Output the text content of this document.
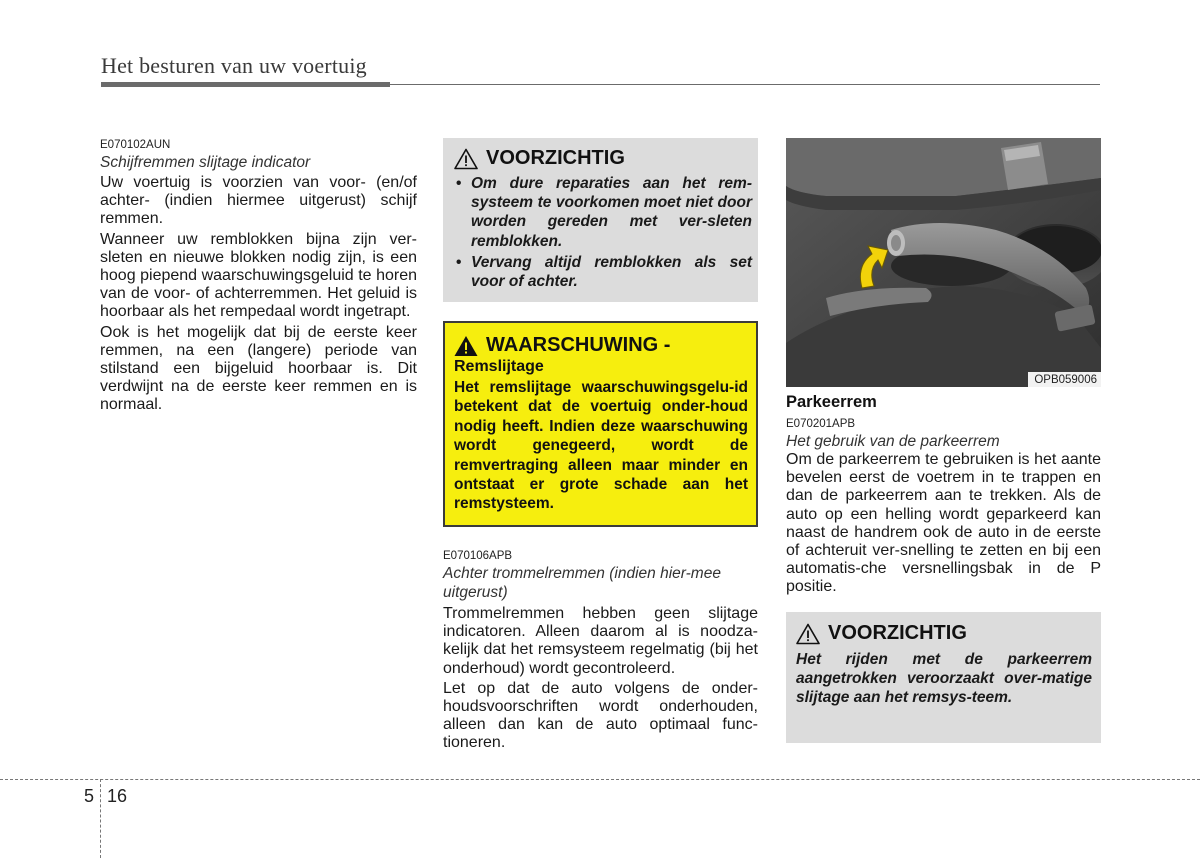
Het besturen van uw voertuig
E070102AUN
Schijfremmen slijtage indicator

Uw voertuig is voorzien van voor- (en/of achter- (indien hiermee uitgerust) schijf remmen.

Wanneer uw remblokken bijna zijn ver-sleten en nieuwe blokken nodig zijn, is een hoog piepend waarschuwingsgeluid te horen van de voor- of achterremmen. Het geluid is hoorbaar als het rempedaal wordt ingetrapt.

Ook is het mogelijk dat bij de eerste keer remmen, na een (langere) periode van stilstand een bijgeluid hoorbaar is. Dit verdwijnt na de eerste keer remmen en is normaal.

VOORZICHTIG
• Om dure reparaties aan het rem-systeem te voorkomen moet niet door worden gereden met ver-sleten remblokken.
• Vervang altijd remblokken als set voor of achter.
WAARSCHUWING -
Remslijtage
Het remslijtage waarschuwingsgelu-id betekent dat de voertuig onder-houd nodig heeft. Indien deze waarschuwing wordt genegeerd, wordt de remvertraging alleen maar minder en ontstaat er grote schade aan het remstysteem.
E070106APB
Achter trommelremmen (indien hier-mee uitgerust)

Trommelremmen hebben geen slijtage indicatoren. Alleen daarom al is noodza-kelijk dat het remsysteem regelmatig (bij het onderhoud) wordt gecontroleerd.

Let op dat de auto volgens de onder-houdsvoorschriften wordt onderhouden, alleen dan kan de auto optimaal func-tioneren.

OPB059006
Parkeerrem
E070201APB
Het gebruik van de parkeerrem

Om de parkeerrem te gebruiken is het aante bevelen eerst de voetrem in te trappen en dan de parkeerrem aan te trekken. Als de auto op een helling wordt geparkeerd kan naast de handrem ook de auto in de eerste of achteruit ver-snelling te zetten en bij een automatis-che versnellingsbak in de P positie.

VOORZICHTIG
Het rijden met de parkeerrem aangetrokken veroorzaakt over-matige slijtage aan het remsys-teem.
5 16
